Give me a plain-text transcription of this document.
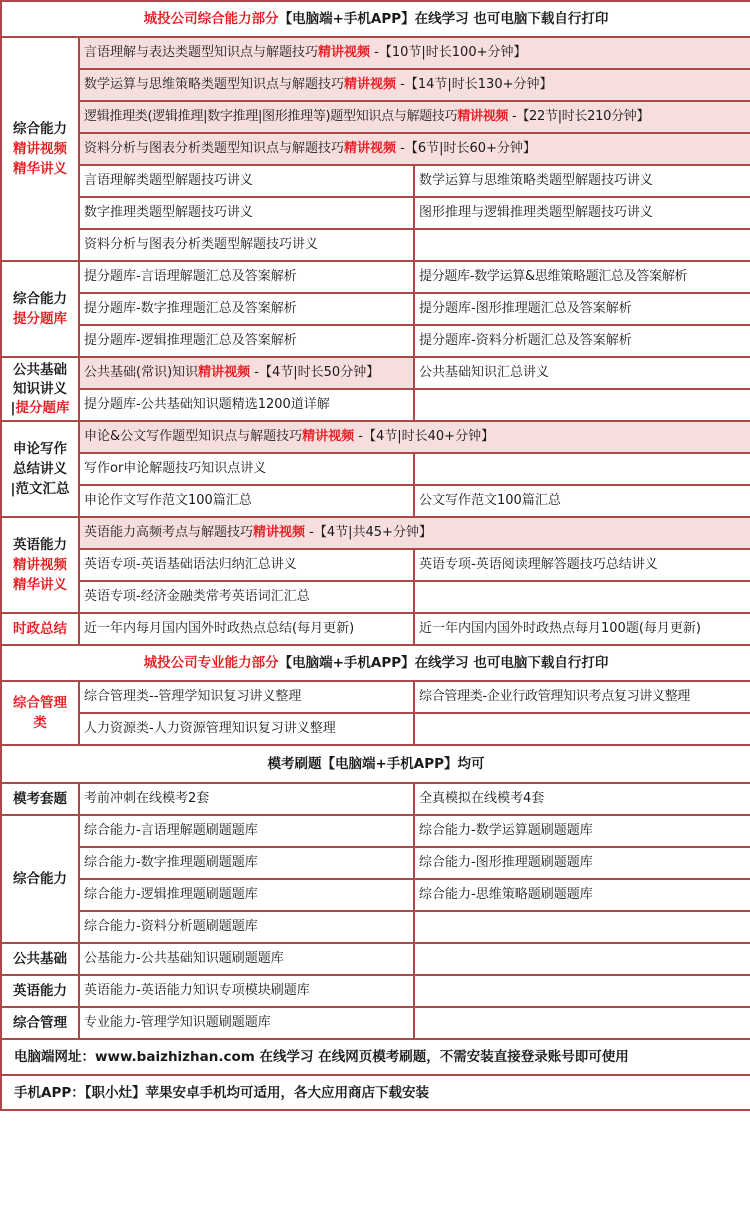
城投公司综合能力部分【电脑端+手机APP】在线学习 也可电脑下载自行打印		

综合能力
精讲视频
精华讲义	言语理解与表达类题型知识点与解题技巧精讲视频 -【10节|时长100+分钟】	
	数学运算与思维策略类题型知识点与解题技巧精讲视频 -【14节|时长130+分钟】	
	逻辑推理类(逻辑推理|数字推理|图形推理等)题型知识点与解题技巧精讲视频 -【22节|时长210分钟】	
	资料分析与图表分析类题型知识点与解题技巧精讲视频 -【6节|时长60+分钟】	
	言语理解类题型解题技巧讲义	数学运算与思维策略类题型解题技巧讲义
	数字推理类题型解题技巧讲义	图形推理与逻辑推理类题型解题技巧讲义
	资料分析与图表分析类题型解题技巧讲义	

综合能力
提分题库	提分题库-言语理解题汇总及答案解析	提分题库-数学运算&思维策略题汇总及答案解析
	提分题库-数字推理题汇总及答案解析	提分题库-图形推理题汇总及答案解析
	提分题库-逻辑推理题汇总及答案解析	提分题库-资料分析题汇总及答案解析

公共基础
知识讲义
|提分题库	公共基础(常识)知识精讲视频 -【4节|时长50分钟】	公共基础知识汇总讲义
	提分题库-公共基础知识题精选1200道详解	

申论写作
总结讲义
|范文汇总	申论&公文写作题型知识点与解题技巧精讲视频 -【4节|时长40+分钟】	
	写作or申论解题技巧知识点讲义	
	申论作文写作范文100篇汇总	公文写作范文100篇汇总

英语能力
精讲视频
精华讲义	英语能力高频考点与解题技巧精讲视频 -【4节|共45+分钟】	
	英语专项-英语基础语法归纳汇总讲义	英语专项-英语阅读理解答题技巧总结讲义
	英语专项-经济金融类常考英语词汇汇总	
时政总结	近一年内每月国内国外时政热点总结(每月更新)	近一年内国内国外时政热点每月100题(每月更新)
城投公司专业能力部分【电脑端+手机APP】在线学习 也可电脑下载自行打印		

综合管理
类	综合管理类--管理学知识复习讲义整理	综合管理类-企业行政管理知识考点复习讲义整理
	人力资源类-人力资源管理知识复习讲义整理	
模考刷题【电脑端+手机APP】均可		
模考套题	考前冲刺在线模考2套	全真模拟在线模考4套
综合能力	综合能力-言语理解题刷题题库	综合能力-数学运算题刷题题库
	综合能力-数字推理题刷题题库	综合能力-图形推理题刷题题库
	综合能力-逻辑推理题刷题题库	综合能力-思维策略题刷题题库
	综合能力-资料分析题刷题题库	
公共基础	公基能力-公共基础知识题刷题题库	
英语能力	英语能力-英语能力知识专项模块刷题库	
综合管理	专业能力-管理学知识题刷题题库	
电脑端网址：www.baizhizhan.com 在线学习 在线网页模考刷题，不需安装直接登录账号即可使用		
手机APP：【职小灶】苹果安卓手机均可适用，各大应用商店下载安装		
